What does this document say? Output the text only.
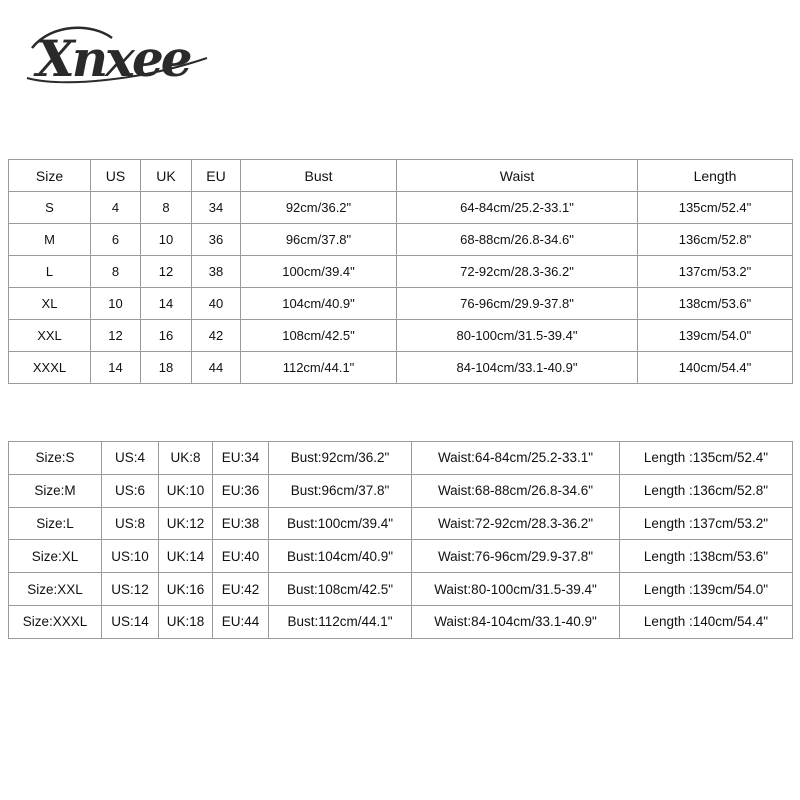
Xnxee
Size	US	UK	EU	Bust	Waist	Length
S	4	8	34	92cm/36.2"	64-84cm/25.2-33.1"	135cm/52.4"
M	6	10	36	96cm/37.8"	68-88cm/26.8-34.6"	136cm/52.8"
L	8	12	38	100cm/39.4"	72-92cm/28.3-36.2"	137cm/53.2"
XL	10	14	40	104cm/40.9"	76-96cm/29.9-37.8"	138cm/53.6"
XXL	12	16	42	108cm/42.5"	80-100cm/31.5-39.4"	139cm/54.0"
XXXL	14	18	44	112cm/44.1"	84-104cm/33.1-40.9"	140cm/54.4"
Size:S	US:4	UK:8	EU:34	Bust:92cm/36.2"	Waist:64-84cm/25.2-33.1"	Length :135cm/52.4"
Size:M	US:6	UK:10	EU:36	Bust:96cm/37.8"	Waist:68-88cm/26.8-34.6"	Length :136cm/52.8"
Size:L	US:8	UK:12	EU:38	Bust:100cm/39.4"	Waist:72-92cm/28.3-36.2"	Length :137cm/53.2"
Size:XL	US:10	UK:14	EU:40	Bust:104cm/40.9"	Waist:76-96cm/29.9-37.8"	Length :138cm/53.6"
Size:XXL	US:12	UK:16	EU:42	Bust:108cm/42.5"	Waist:80-100cm/31.5-39.4"	Length :139cm/54.0"
Size:XXXL	US:14	UK:18	EU:44	Bust:112cm/44.1"	Waist:84-104cm/33.1-40.9"	Length :140cm/54.4"
